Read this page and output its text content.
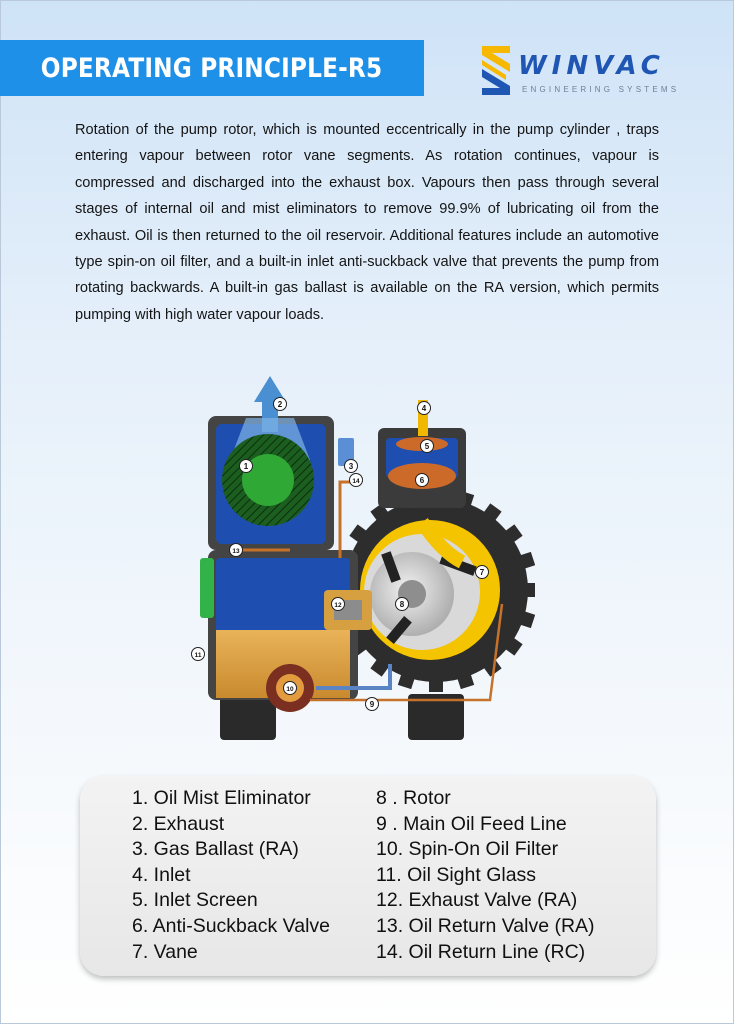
OPERATING PRINCIPLE-R5	WINVAC
ENGINEERING SYSTEMS

Rotation of the pump rotor, which is mounted eccentrically in the pump cylinder , traps entering vapour between rotor vane segments. As rotation continues, vapour is compressed and discharged into the exhaust box. Vapours then pass through several stages of internal oil and mist eliminators to remove 99.9% of lubricating oil from the exhaust. Oil is then returned to the oil reservoir. Additional features include an automotive type spin-on oil filter, and a built-in inlet anti-suckback valve that prevents the pump from rotating backwards. A built-in gas ballast is available on the RA version, which permits pumping with high water vapour loads.

1
2
3
4
5
6
7
8
9
10
11
12
13
14
1. Oil Mist Eliminator
2. Exhaust
3. Gas Ballast (RA)
4. Inlet
5. Inlet Screen
6. Anti-Suckback Valve
7. Vane
8 . Rotor
9 . Main Oil Feed Line
10. Spin-On Oil Filter
11. Oil Sight Glass
12. Exhaust Valve (RA)
13. Oil Return Valve (RA)
14. Oil Return Line (RC)
